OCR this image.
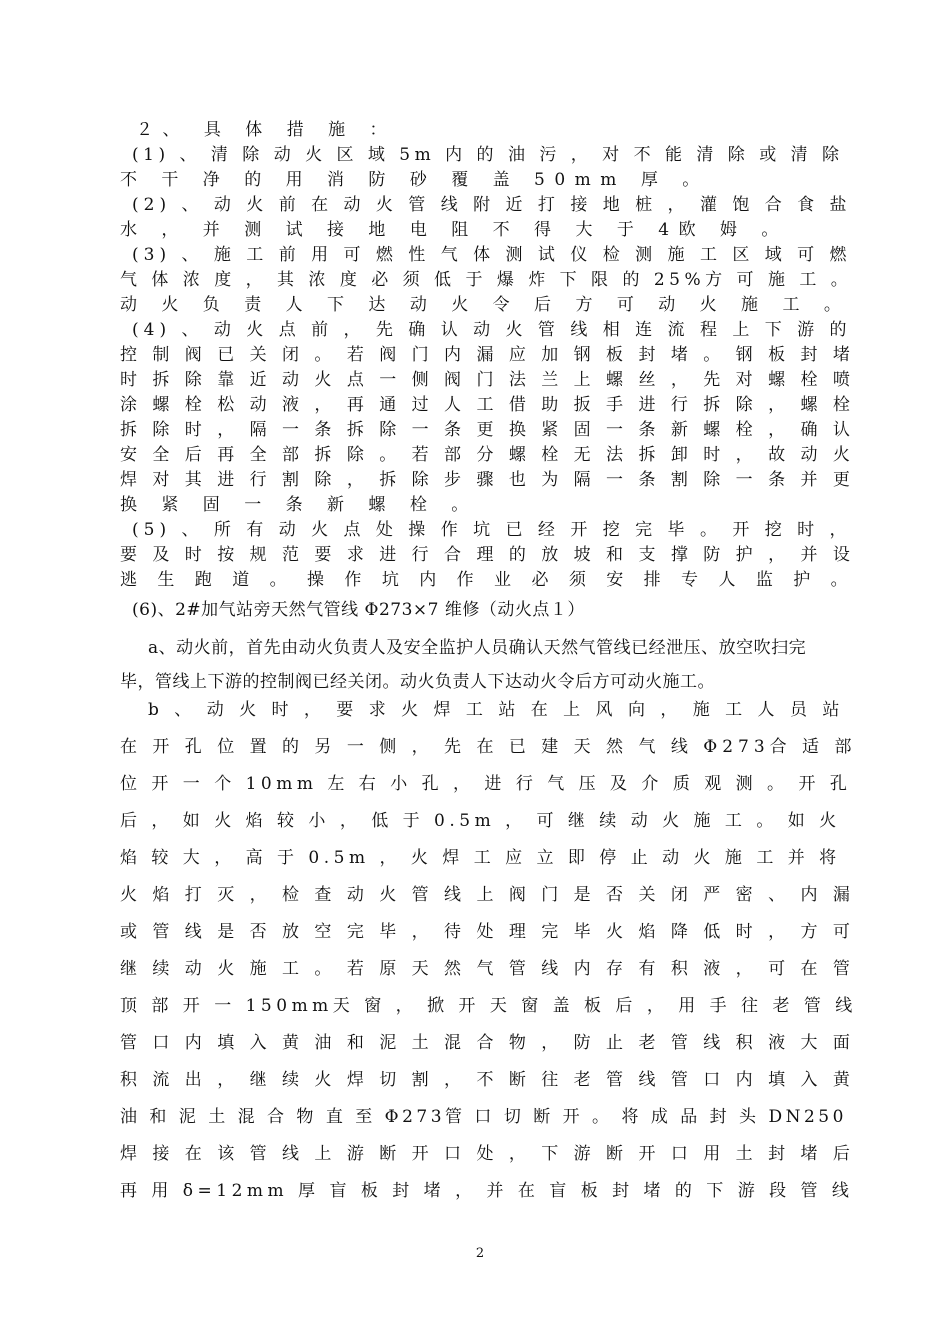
２、 具 体 措 施 ：
(1) 、 清 除 动 火 区 域 5m 内 的 油 污 ， 对 不 能 清 除 或 清 除
不 干 净 的 用 消 防 砂 覆 盖 50mm 厚 。
(2) 、 动 火 前 在 动 火 管 线 附 近 打 接 地 桩 ， 灌 饱 合 食 盐
水 ， 并 测 试 接 地 电 阻 不 得 大 于 4欧 姆 。
(3) 、 施 工 前 用 可 燃 性 气 体 测 试 仪 检 测 施 工 区 域 可 燃
气 体 浓 度 ， 其 浓 度 必 须 低 于 爆 炸 下 限 的 25%方 可 施 工 。
动 火 负 责 人 下 达 动 火 令 后 方 可 动 火 施 工 。
(4) 、 动 火 点 前 ， 先 确 认 动 火 管 线 相 连 流 程 上 下 游 的
控 制 阀 已 关 闭 。 若 阀 门 内 漏 应 加 钢 板 封 堵 。 钢 板 封 堵
时 拆 除 靠 近 动 火 点 一 侧 阀 门 法 兰 上 螺 丝 ， 先 对 螺 栓 喷
涂 螺 栓 松 动 液 ， 再 通 过 人 工 借 助 扳 手 进 行 拆 除 ， 螺 栓
拆 除 时 ， 隔 一 条 拆 除 一 条 更 换 紧 固 一 条 新 螺 栓 ， 确 认
安 全 后 再 全 部 拆 除 。 若 部 分 螺 栓 无 法 拆 卸 时 ， 故 动 火
焊 对 其 进 行 割 除 ， 拆 除 步 骤 也 为 隔 一 条 割 除 一 条 并 更
换 紧 固 一 条 新 螺 栓 。
(5) 、 所 有 动 火 点 处 操 作 坑 已 经 开 挖 完 毕 。 开 挖 时 ，
要 及 时 按 规 范 要 求 进 行 合 理 的 放 坡 和 支 撑 防 护 ， 并 设
逃 生 跑 道 。 操 作 坑 内 作 业 必 须 安 排 专 人 监 护 。
(6)、2#加气站旁天然气管线 Φ273×7 维修（动火点１）
a、动火前，首先由动火负责人及安全监护人员确认天然气管线已经泄压、放空吹扫完
毕，管线上下游的控制阀已经关闭。动火负责人下达动火令后方可动火施工。
b 、 动 火 时 ， 要 求 火 焊 工 站 在 上 风 向 ， 施 工 人 员 站
在 开 孔 位 置 的 另 一 侧 ， 先 在 已 建 天 然 气 线 Φ273合 适 部
位 开 一 个 10mm 左 右 小 孔 ， 进 行 气 压 及 介 质 观 测 。 开 孔
后 ， 如 火 焰 较 小 ， 低 于 0.5m ， 可 继 续 动 火 施 工 。 如 火
焰 较 大 ， 高 于 0.5m ， 火 焊 工 应 立 即 停 止 动 火 施 工 并 将
火 焰 打 灭 ， 检 查 动 火 管 线 上 阀 门 是 否 关 闭 严 密 、 内 漏
或 管 线 是 否 放 空 完 毕 ， 待 处 理 完 毕 火 焰 降 低 时 ， 方 可
继 续 动 火 施 工 。 若 原 天 然 气 管 线 内 存 有 积 液 ， 可 在 管
顶 部 开 一 150mm天 窗 ， 掀 开 天 窗 盖 板 后 ， 用 手 往 老 管 线
管 口 内 填 入 黄 油 和 泥 土 混 合 物 ， 防 止 老 管 线 积 液 大 面
积 流 出 ， 继 续 火 焊 切 割 ， 不 断 往 老 管 线 管 口 内 填 入 黄
油 和 泥 土 混 合 物 直 至 Φ273管 口 切 断 开 。 将 成 品 封 头 DN250
焊 接 在 该 管 线 上 游 断 开 口 处 ， 下 游 断 开 口 用 土 封 堵 后
再 用 δ=12mm 厚 盲 板 封 堵 ， 并 在 盲 板 封 堵 的 下 游 段 管 线
2
